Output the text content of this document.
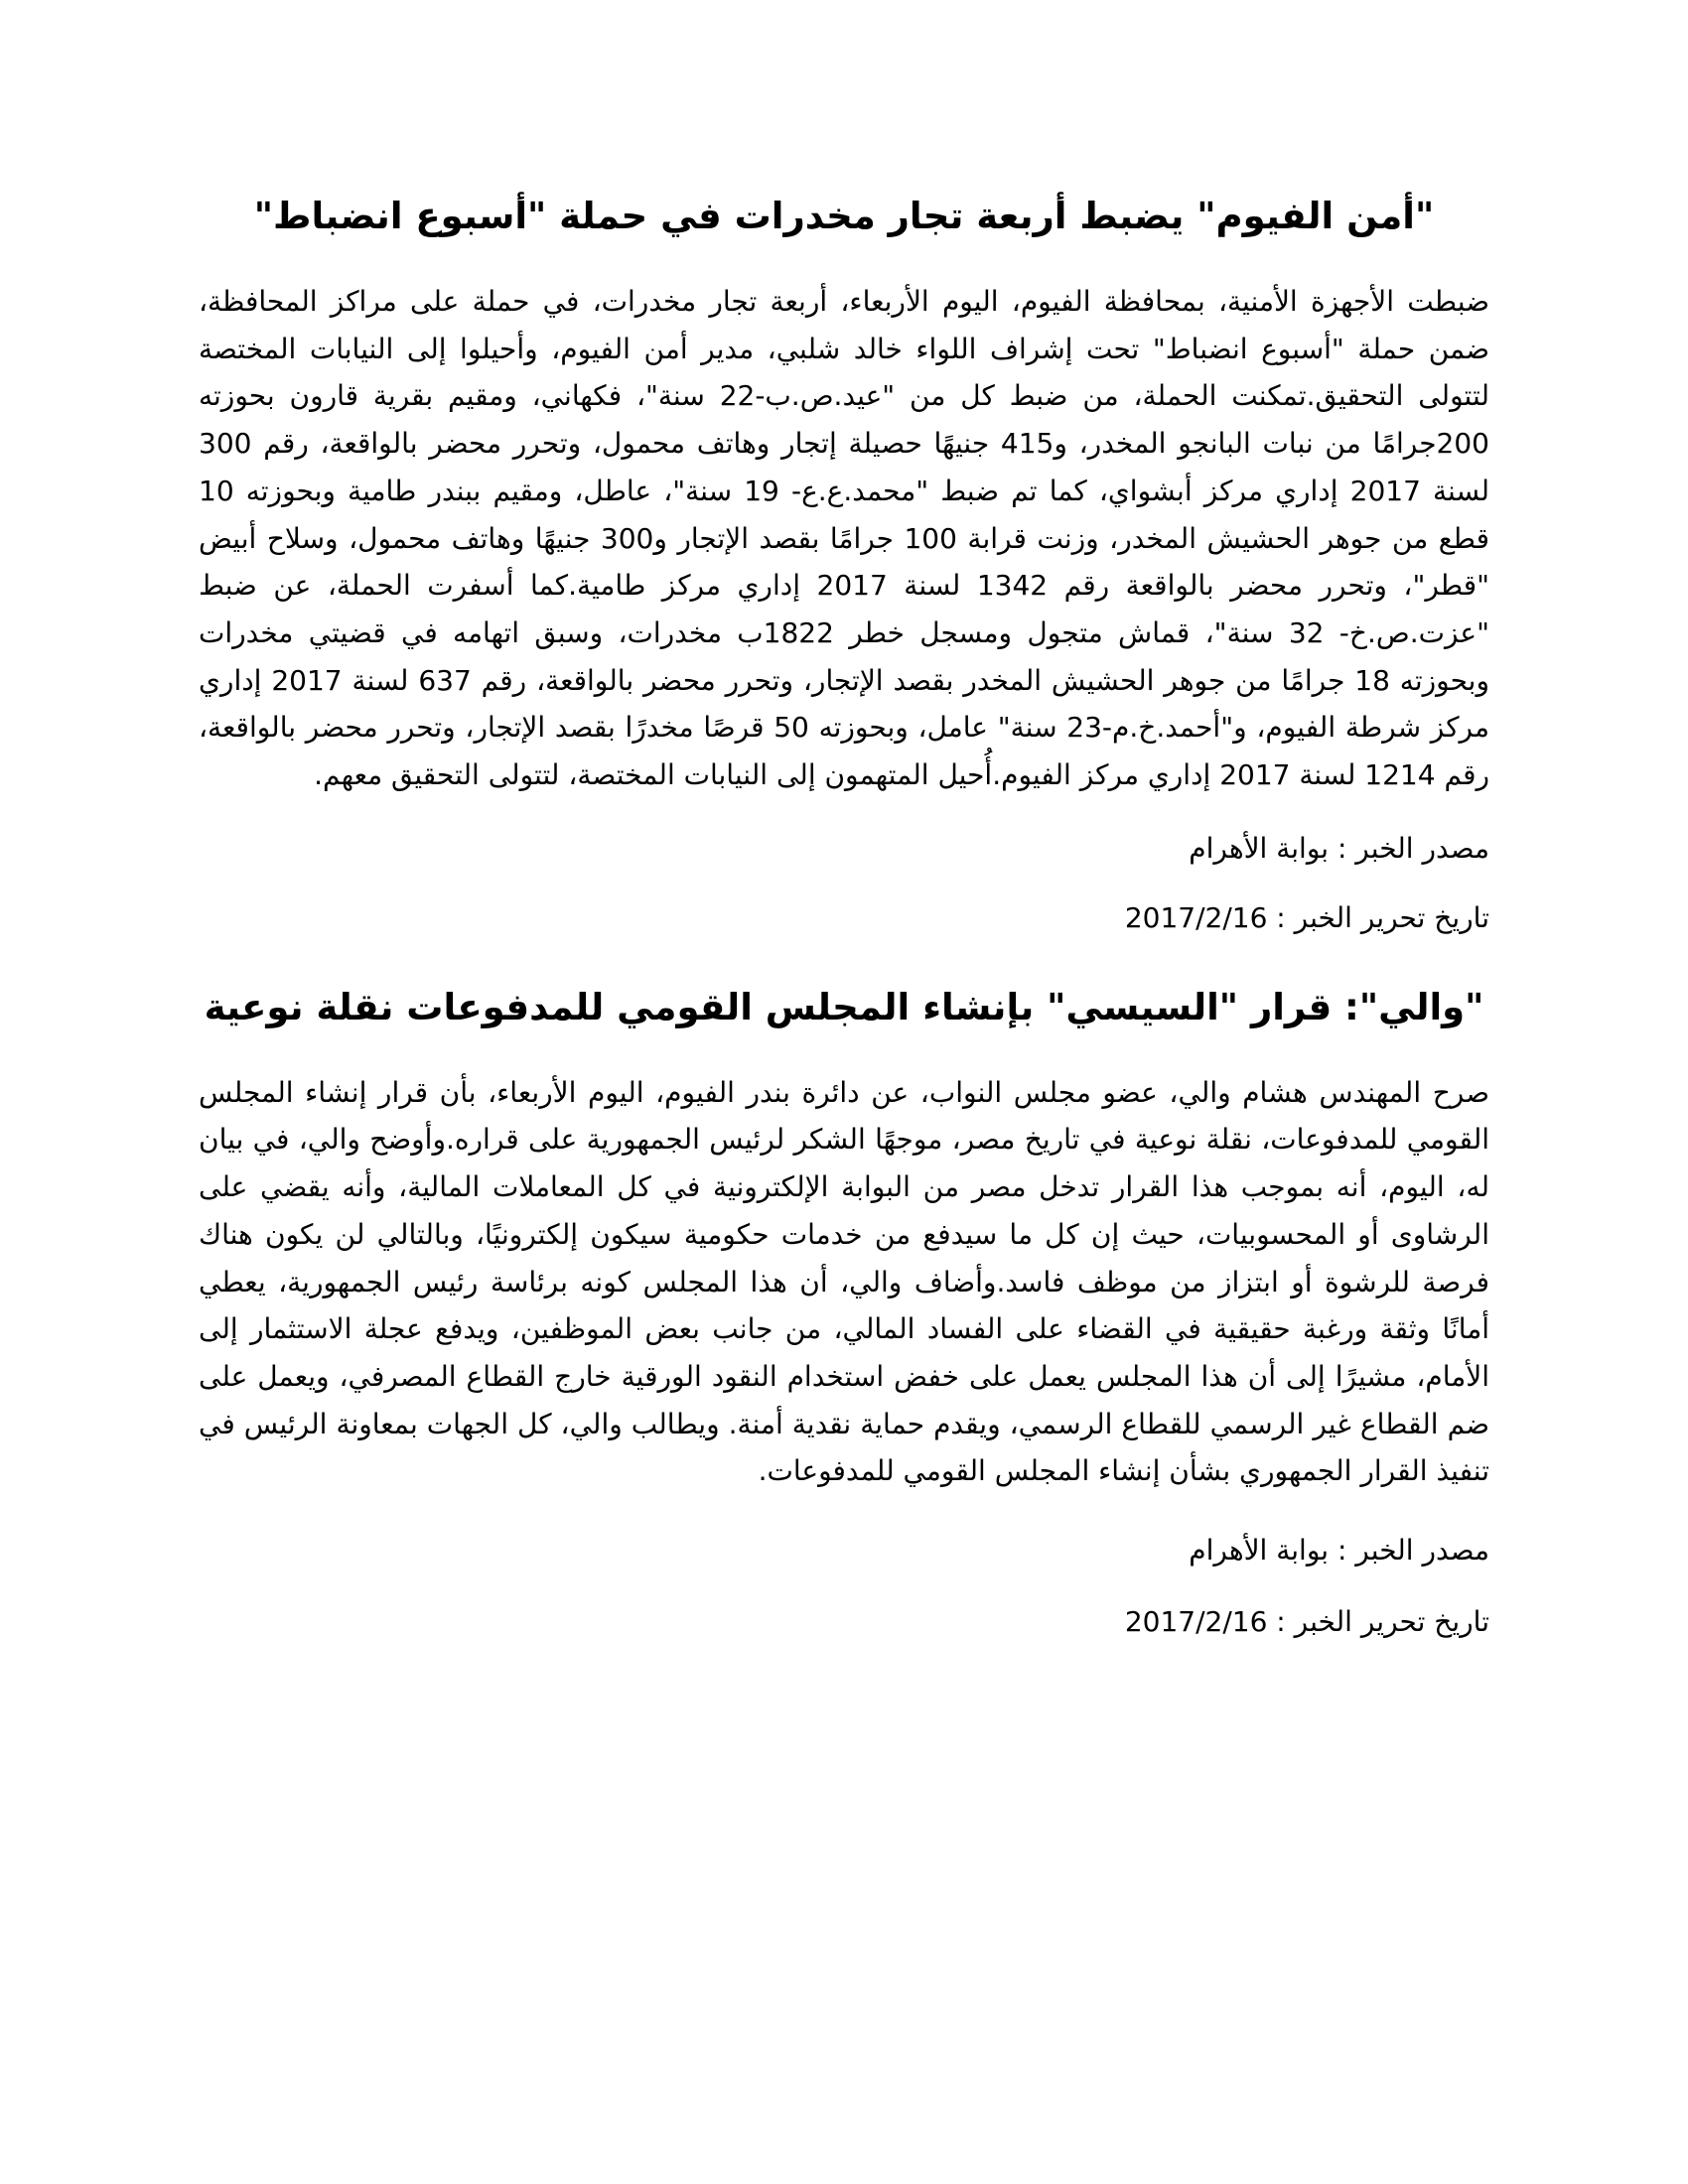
"أمن الفيوم" يضبط أربعة تجار مخدرات في حملة "أسبوع انضباط"

ضبطت الأجهزة الأمنية، بمحافظة الفيوم، اليوم الأربعاء، أربعة تجار مخدرات، في حملة على مراكز المحافظة، ضمن حملة "أسبوع انضباط" تحت إشراف اللواء خالد شلبي، مدير أمن الفيوم، وأحيلوا إلى النيابات المختصة لتتولى التحقيق.تمكنت الحملة، من ضبط كل من "عيد.ص.ب-22 سنة"، فكهاني، ومقيم بقرية قارون بحوزته 200جرامًا من نبات البانجو المخدر، و415 جنيهًا حصيلة إتجار وهاتف محمول، وتحرر محضر بالواقعة، رقم 300 لسنة 2017 إداري مركز أبشواي، كما تم ضبط "محمد.ع.ع- 19 سنة"، عاطل، ومقيم ببندر طامية وبحوزته 10 قطع من جوهر الحشيش المخدر، وزنت قرابة 100 جرامًا بقصد الإتجار و300 جنيهًا وهاتف محمول، وسلاح أبيض "قطر"، وتحرر محضر بالواقعة رقم 1342 لسنة 2017 إداري مركز طامية.كما أسفرت الحملة، عن ضبط "عزت.ص.خ- 32 سنة"، قماش متجول ومسجل خطر 1822ب مخدرات، وسبق اتهامه في قضيتي مخدرات وبحوزته 18 جرامًا من جوهر الحشيش المخدر بقصد الإتجار، وتحرر محضر بالواقعة، رقم 637 لسنة 2017 إداري مركز شرطة الفيوم، و"أحمد.خ.م-23 سنة" عامل، وبحوزته 50 قرصًا مخدرًا بقصد الإتجار، وتحرر محضر بالواقعة، رقم 1214 لسنة 2017 إداري مركز الفيوم.أُحيل المتهمون إلى النيابات المختصة، لتتولى التحقيق معهم.

مصدر الخبر : بوابة الأهرام

تاريخ تحرير الخبر : 2017/2/16

"والي": قرار "السيسي" بإنشاء المجلس القومي للمدفوعات نقلة نوعية

صرح المهندس هشام والي، عضو مجلس النواب، عن دائرة بندر الفيوم، اليوم الأربعاء، بأن قرار إنشاء المجلس القومي للمدفوعات، نقلة نوعية في تاريخ مصر، موجهًا الشكر لرئيس الجمهورية على قراره.وأوضح والي، في بيان له، اليوم، أنه بموجب هذا القرار تدخل مصر من البوابة الإلكترونية في كل المعاملات المالية، وأنه يقضي على الرشاوى أو المحسوبيات، حيث إن كل ما سيدفع من خدمات حكومية سيكون إلكترونيًا، وبالتالي لن يكون هناك فرصة للرشوة أو ابتزاز من موظف فاسد.وأضاف والي، أن هذا المجلس كونه برئاسة رئيس الجمهورية، يعطي أمانًا وثقة ورغبة حقيقية في القضاء على الفساد المالي، من جانب بعض الموظفين، ويدفع عجلة الاستثمار إلى الأمام، مشيرًا إلى أن هذا المجلس يعمل على خفض استخدام النقود الورقية خارج القطاع المصرفي، ويعمل على ضم القطاع غير الرسمي للقطاع الرسمي، ويقدم حماية نقدية أمنة. ويطالب والي، كل الجهات بمعاونة الرئيس في تنفيذ القرار الجمهوري بشأن إنشاء المجلس القومي للمدفوعات.

مصدر الخبر : بوابة الأهرام

تاريخ تحرير الخبر : 2017/2/16
